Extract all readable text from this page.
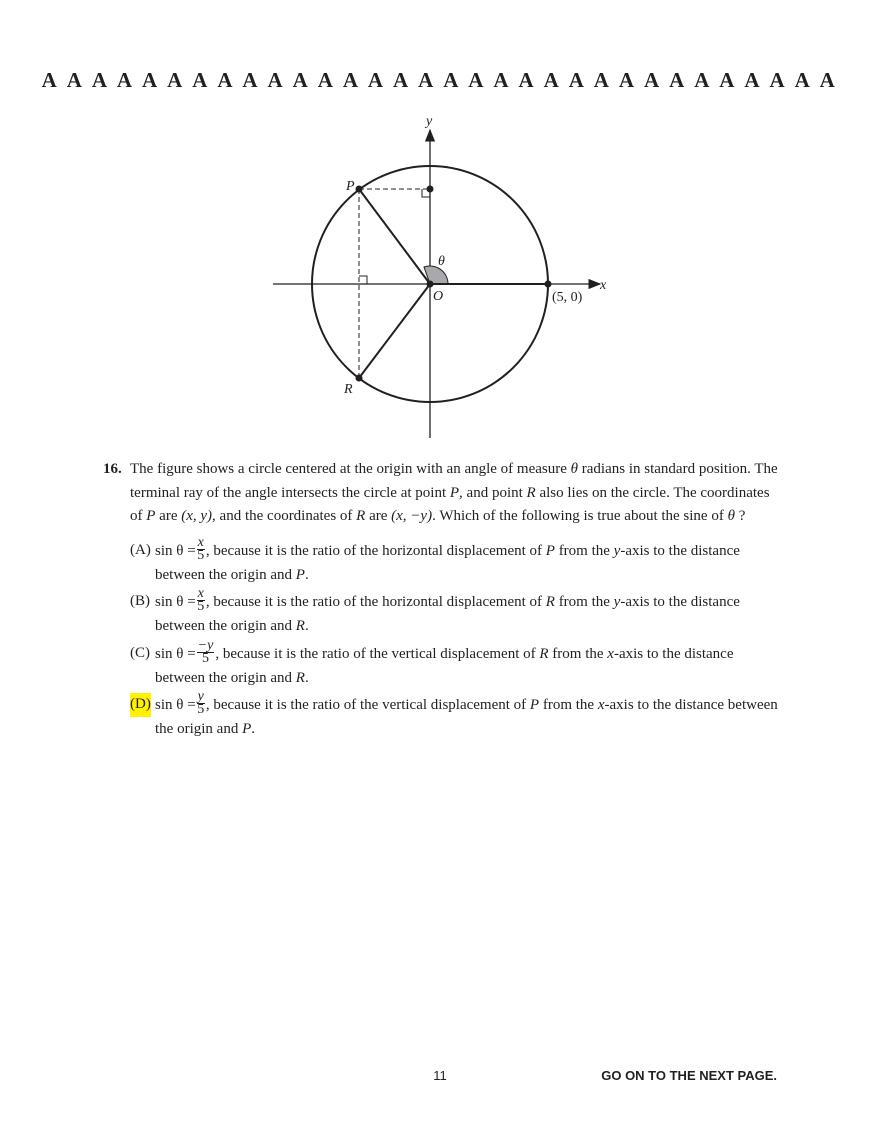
A A A A A A A A A A A A A A A A A A A A A A A A A A A A A A A A
y
x
P
R
O
θ
(5, 0)
16. The figure shows a circle centered at the origin with an angle of measure θ radians in standard position. The terminal ray of the angle intersects the circle at point P, and point R also lies on the circle. The coordinates of P are (x, y), and the coordinates of R are (x, −y). Which of the following is true about the sine of θ ?
(A) $\sin \theta = \frac{x}{5}$ , because it is the ratio of the horizontal displacement of P from the y-axis to the distance between the origin and P.
(B) $\sin \theta = \frac{x}{5}$ , because it is the ratio of the horizontal displacement of R from the y-axis to the distance between the origin and R.
(C) $\sin \theta = \frac{-y}{5}$ , because it is the ratio of the vertical displacement of R from the x-axis to the distance between the origin and R.
(D) $\sin \theta = \frac{y}{5}$ , because it is the ratio of the vertical displacement of P from the x-axis to the distance between the origin and P.
11	GO ON TO THE NEXT PAGE.
